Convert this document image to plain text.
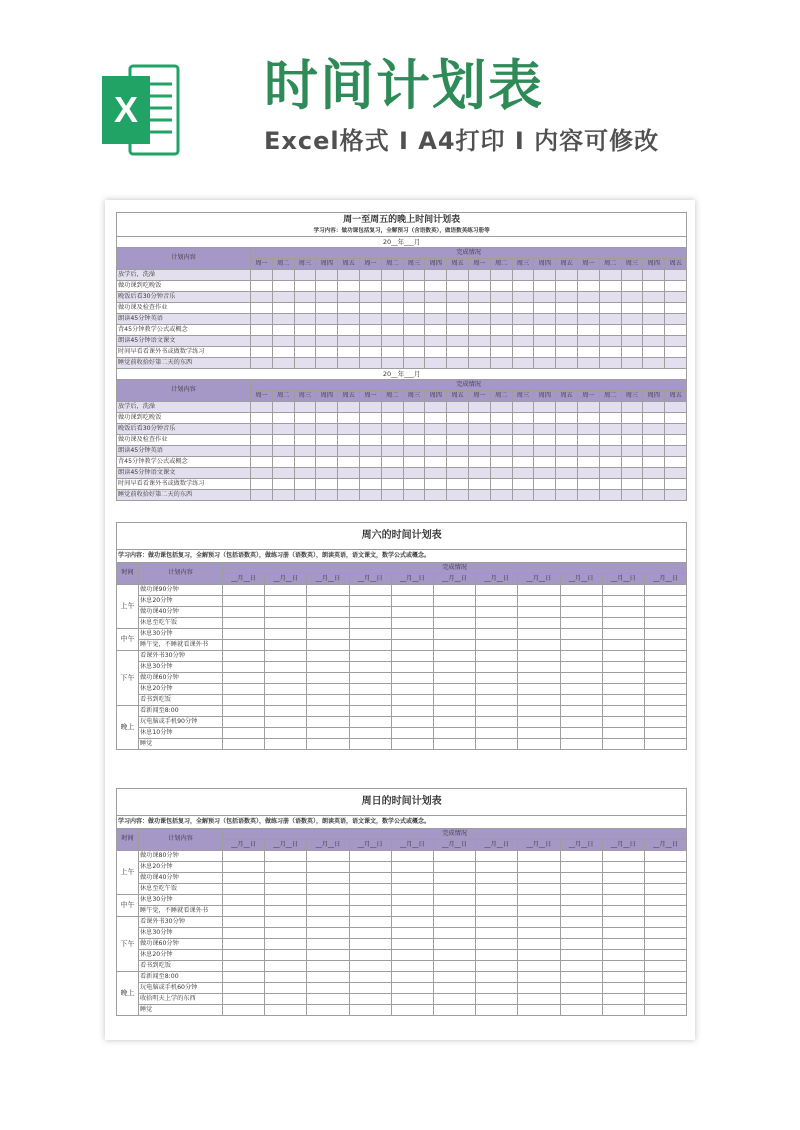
X 时间计划表
Excel格式 I A4打印 I 内容可修改
周一至周五的晚上时间计划表																				
学习内容：做功课包括复习，全解预习（含语数英），做语数英练习册等																				
20__年___月																				
计划内容	完成情况																			
	周一	周二	周三	周四	周五	周一	周二	周三	周四	周五	周一	周二	周三	周四	周五	周一	周二	周三	周四	周五
放学后，洗澡																				
做功课到吃晚饭																				
晚饭后看30分钟音乐																				
做功课及检查作业																				
朗读45分钟英语																				
背45分钟教学公式或概念																				
朗读45分钟语文课文																				
时间早看看课外书或做数学练习																				
睡觉前收拾好第二天的东西																				
20__年___月																				
计划内容	完成情况																			
	周一	周二	周三	周四	周五	周一	周二	周三	周四	周五	周一	周二	周三	周四	周五	周一	周二	周三	周四	周五
放学后，洗澡																				
做功课到吃晚饭																				
晚饭后看30分钟音乐																				
做功课及检查作业																				
朗读45分钟英语																				
背45分钟教学公式或概念																				
朗读45分钟语文课文																				
时间早看看课外书或做数学练习																				
睡觉前收拾好第二天的东西																				
周六的时间计划表												
学习内容：做功课包括复习，全解预习（包括语数英），做练习册（语数英），朗读英语，语文课文，数学公式或概念。												
时间	计划内容	完成情况										
		__月__日	__月__日	__月__日	__月__日	__月__日	__月__日	__月__日	__月__日	__月__日	__月__日	__月__日
上午	做功课90分钟											
	休息20分钟											
	做功课40分钟											
	休息至吃午饭											
中午	休息30分钟											
	睡午觉，不睡就看课外书											
下午	看课外书30分钟											
	休息30分钟											
	做功课60分钟											
	休息20分钟											
	看书到吃饭											
晚上	看新闻至8:00											
	玩电脑或手机90分钟											
	休息10分钟											
	睡觉											
周日的时间计划表												
学习内容：做功课包括复习，全解预习（包括语数英），做练习册（语数英），朗读英语，语文课文，数学公式或概念。												
时间	计划内容	完成情况										
		__月__日	__月__日	__月__日	__月__日	__月__日	__月__日	__月__日	__月__日	__月__日	__月__日	__月__日
上午	做功课80分钟											
	休息20分钟											
	做功课40分钟											
	休息至吃午饭											
中午	休息30分钟											
	睡午觉，不睡就看课外书											
下午	看课外书30分钟											
	休息30分钟											
	做功课60分钟											
	休息20分钟											
	看书到吃饭											
晚上	看新闻至8:00											
	玩电脑或手机60分钟											
	收拾明天上学的东西											
	睡觉											
